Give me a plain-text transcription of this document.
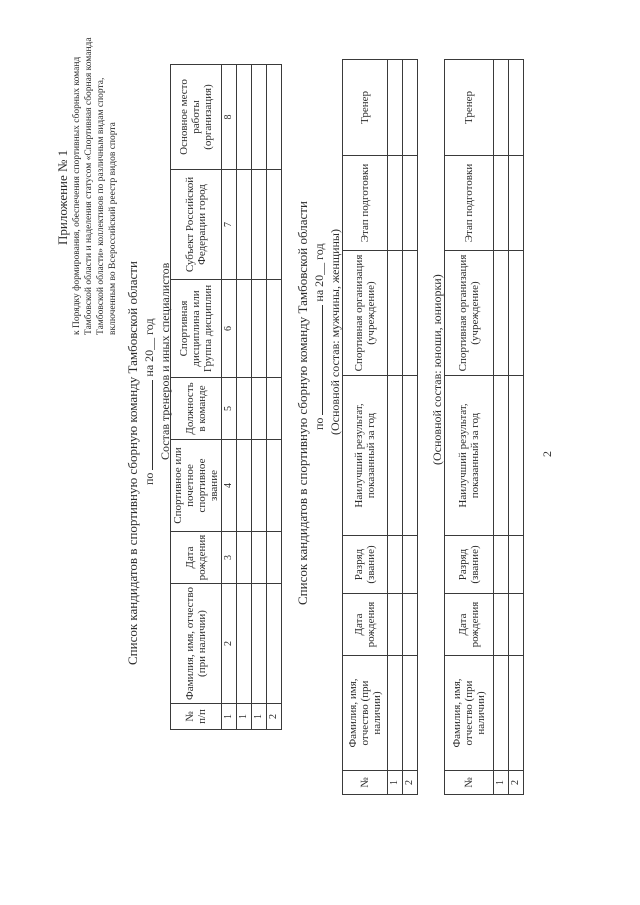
Приложение № 1 к Порядку формирования, обеспечения спортивных сборных команд Тамбовской области и наделения статусом «Спортивная сборная команда Тамбовской области» коллективов по различным видам спорта, включенным во Всероссийский реестр видов спорта
Список кандидатов в спортивную сборную команду Тамбовской области по  на 20__ год Состав тренеров и иных специалистов
№ п/п	Фамилия, имя, отчество (при наличии)	Дата рождения	Спортивное или почетное спортивное звание	Должность в команде	Спортивная дисциплина или Группа дисциплин	Субъект Российской Федерации город	Основное место работы (организация)
1	2	3	4	5	6	7	8
1							
1							
2							
Список кандидатов в спортивную сборную команду Тамбовской области по  на 20__ год (Основной состав: мужчины, женщины)
№	Фамилия, имя, отчество (при наличии)	Дата рождения	Разряд (звание)	Наилучший результат, показанный за год	Спортивная организация (учреждение)	Этап подготовки	Тренер
1							
2							
(Основной состав: юноши, юниорки)
№	Фамилия, имя, отчество (при наличии)	Дата рождения	Разряд (звание)	Наилучший результат, показанный за год	Спортивная организация (учреждение)	Этап подготовки	Тренер
1							
2							
2
